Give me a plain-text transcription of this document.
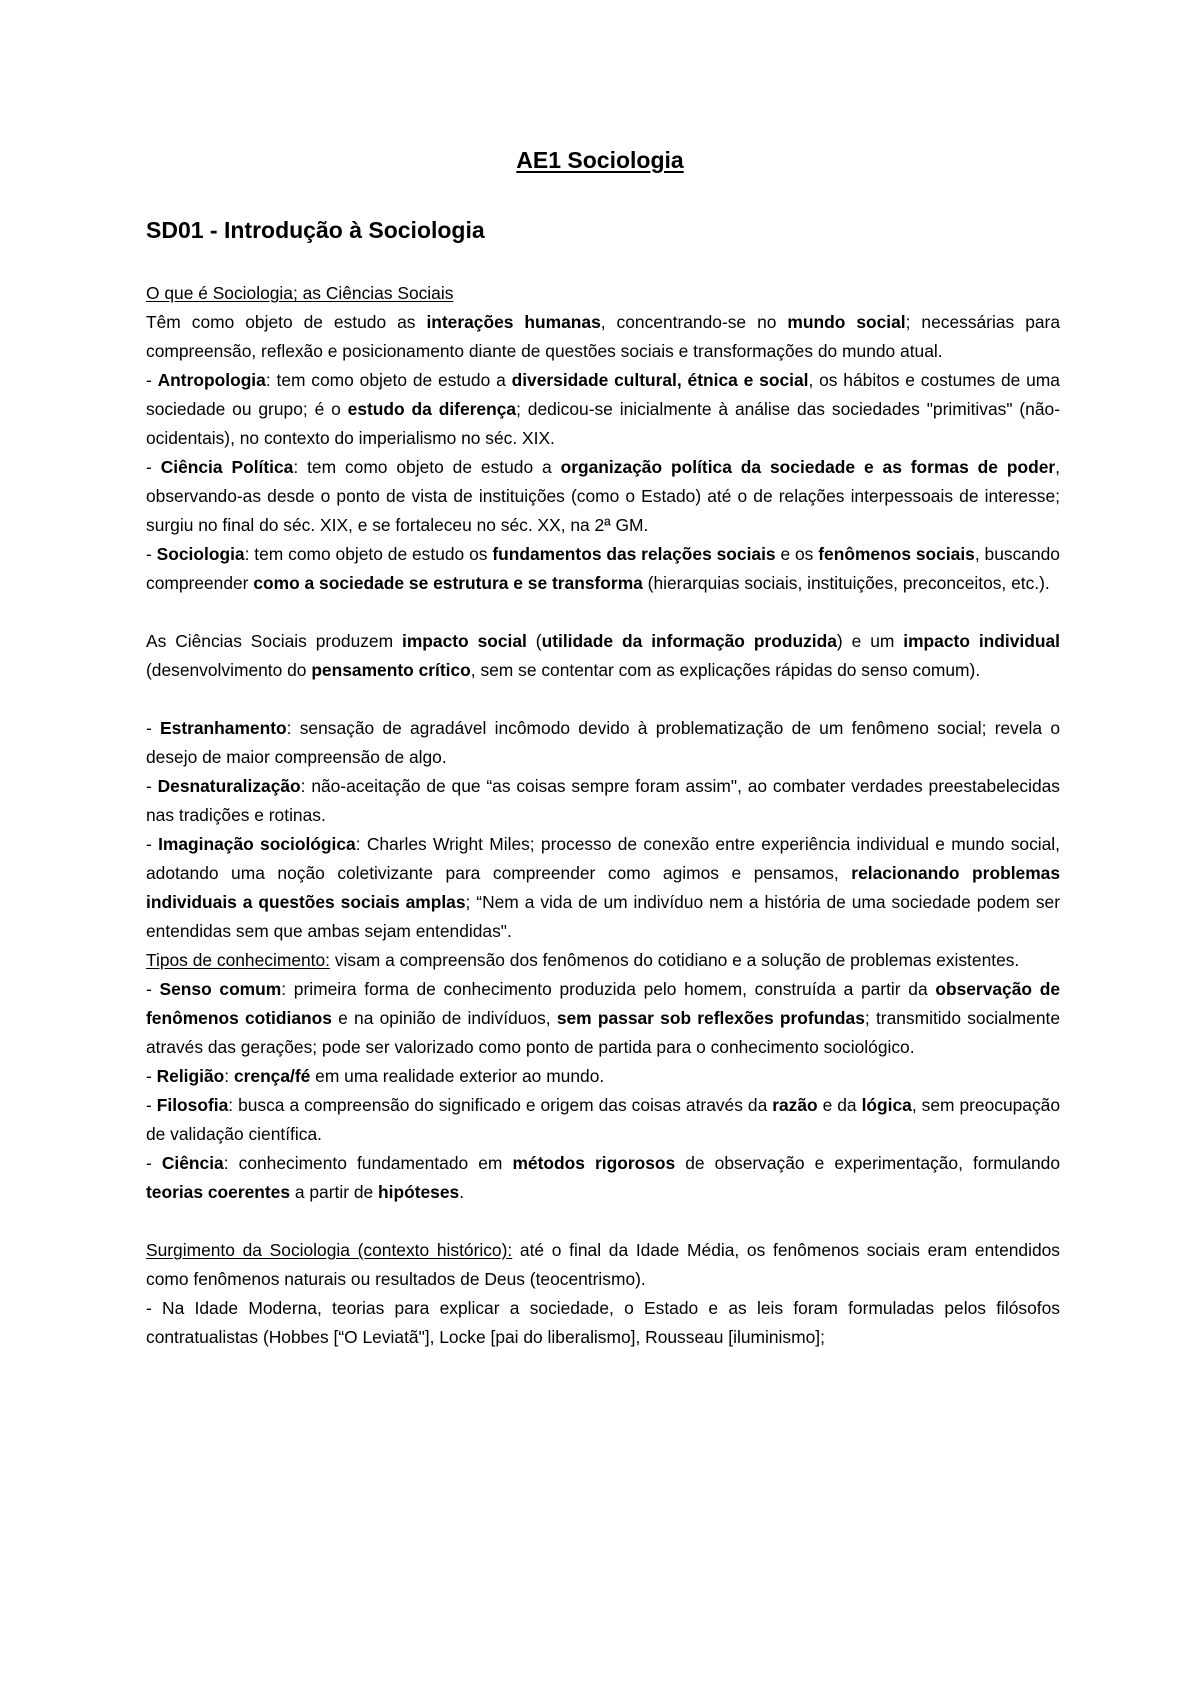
AE1 Sociologia
SD01 - Introdução à Sociologia

O que é Sociologia; as Ciências Sociais

Têm como objeto de estudo as interações humanas, concentrando-se no mundo social; necessárias para compreensão, reflexão e posicionamento diante de questões sociais e transformações do mundo atual.

- Antropologia: tem como objeto de estudo a diversidade cultural, étnica e social, os hábitos e costumes de uma sociedade ou grupo; é o estudo da diferença; dedicou-se inicialmente à análise das sociedades "primitivas" (não-ocidentais), no contexto do imperialismo no séc. XIX.

- Ciência Política: tem como objeto de estudo a organização política da sociedade e as formas de poder, observando-as desde o ponto de vista de instituições (como o Estado) até o de relações interpessoais de interesse; surgiu no final do séc. XIX, e se fortaleceu no séc. XX, na 2ª GM.

- Sociologia: tem como objeto de estudo os fundamentos das relações sociais e os fenômenos sociais, buscando compreender como a sociedade se estrutura e se transforma (hierarquias sociais, instituições, preconceitos, etc.).

As Ciências Sociais produzem impacto social (utilidade da informação produzida) e um impacto individual (desenvolvimento do pensamento crítico, sem se contentar com as explicações rápidas do senso comum).

- Estranhamento: sensação de agradável incômodo devido à problematização de um fenômeno social; revela o desejo de maior compreensão de algo.

- Desnaturalização: não-aceitação de que “as coisas sempre foram assim", ao combater verdades preestabelecidas nas tradições e rotinas.

- Imaginação sociológica: Charles Wright Miles; processo de conexão entre experiência individual e mundo social, adotando uma noção coletivizante para compreender como agimos e pensamos, relacionando problemas individuais a questões sociais amplas; “Nem a vida de um indivíduo nem a história de uma sociedade podem ser entendidas sem que ambas sejam entendidas".

Tipos de conhecimento: visam a compreensão dos fenômenos do cotidiano e a solução de problemas existentes.

- Senso comum: primeira forma de conhecimento produzida pelo homem, construída a partir da observação de fenômenos cotidianos e na opinião de indivíduos, sem passar sob reflexões profundas; transmitido socialmente através das gerações; pode ser valorizado como ponto de partida para o conhecimento sociológico.

- Religião: crença/fé em uma realidade exterior ao mundo.

- Filosofia: busca a compreensão do significado e origem das coisas através da razão e da lógica, sem preocupação de validação científica.

- Ciência: conhecimento fundamentado em métodos rigorosos de observação e experimentação, formulando teorias coerentes a partir de hipóteses.

Surgimento da Sociologia (contexto histórico): até o final da Idade Média, os fenômenos sociais eram entendidos como fenômenos naturais ou resultados de Deus (teocentrismo).

- Na Idade Moderna, teorias para explicar a sociedade, o Estado e as leis foram formuladas pelos filósofos contratualistas (Hobbes [“O Leviatã"], Locke [pai do liberalismo], Rousseau [iluminismo];
